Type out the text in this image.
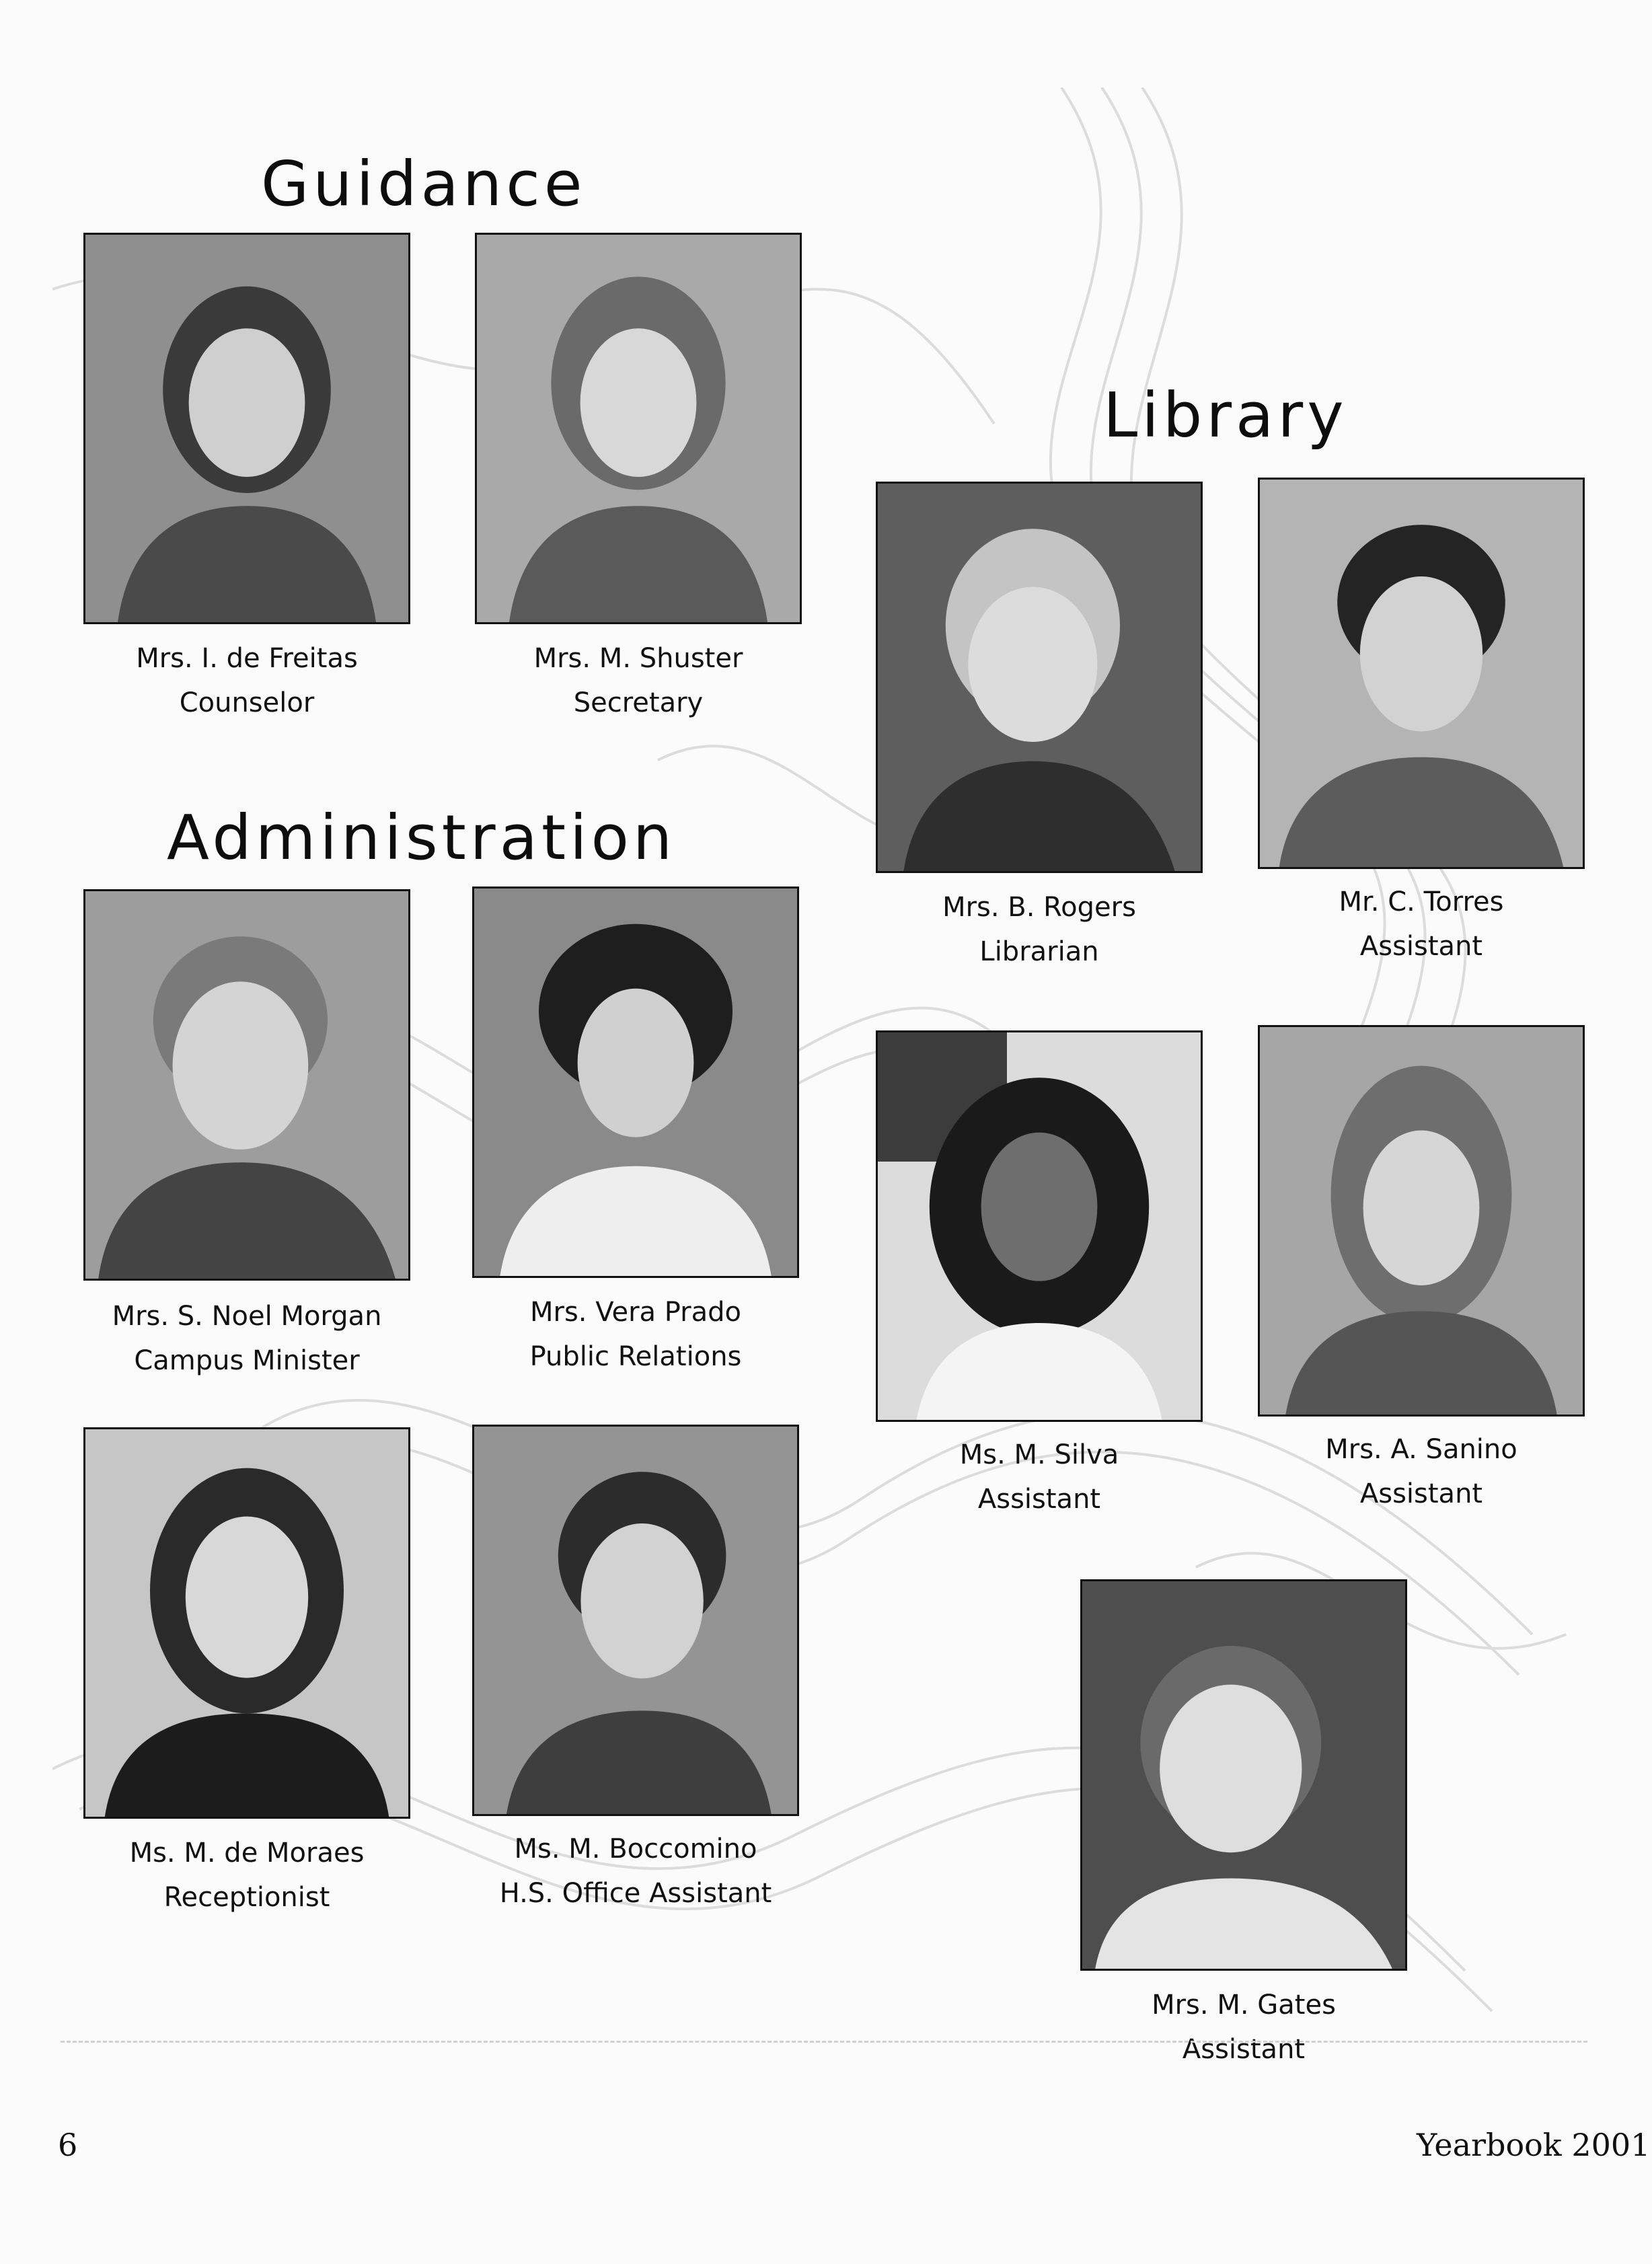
Guidance
Library
Administration
Mrs. I. de Freitas
Counselor
Mrs. M. Shuster
Secretary
Mrs. B. Rogers
Librarian
Mr. C. Torres
Assistant
Mrs. S. Noel Morgan
Campus Minister
Mrs. Vera Prado
Public Relations
Ms. M. Silva
Assistant
Mrs. A. Sanino
Assistant
Ms. M. de Moraes
Receptionist
Ms. M. Boccomino
H.S. Office Assistant
Mrs. M. Gates
Assistant
6	Yearbook 2001
